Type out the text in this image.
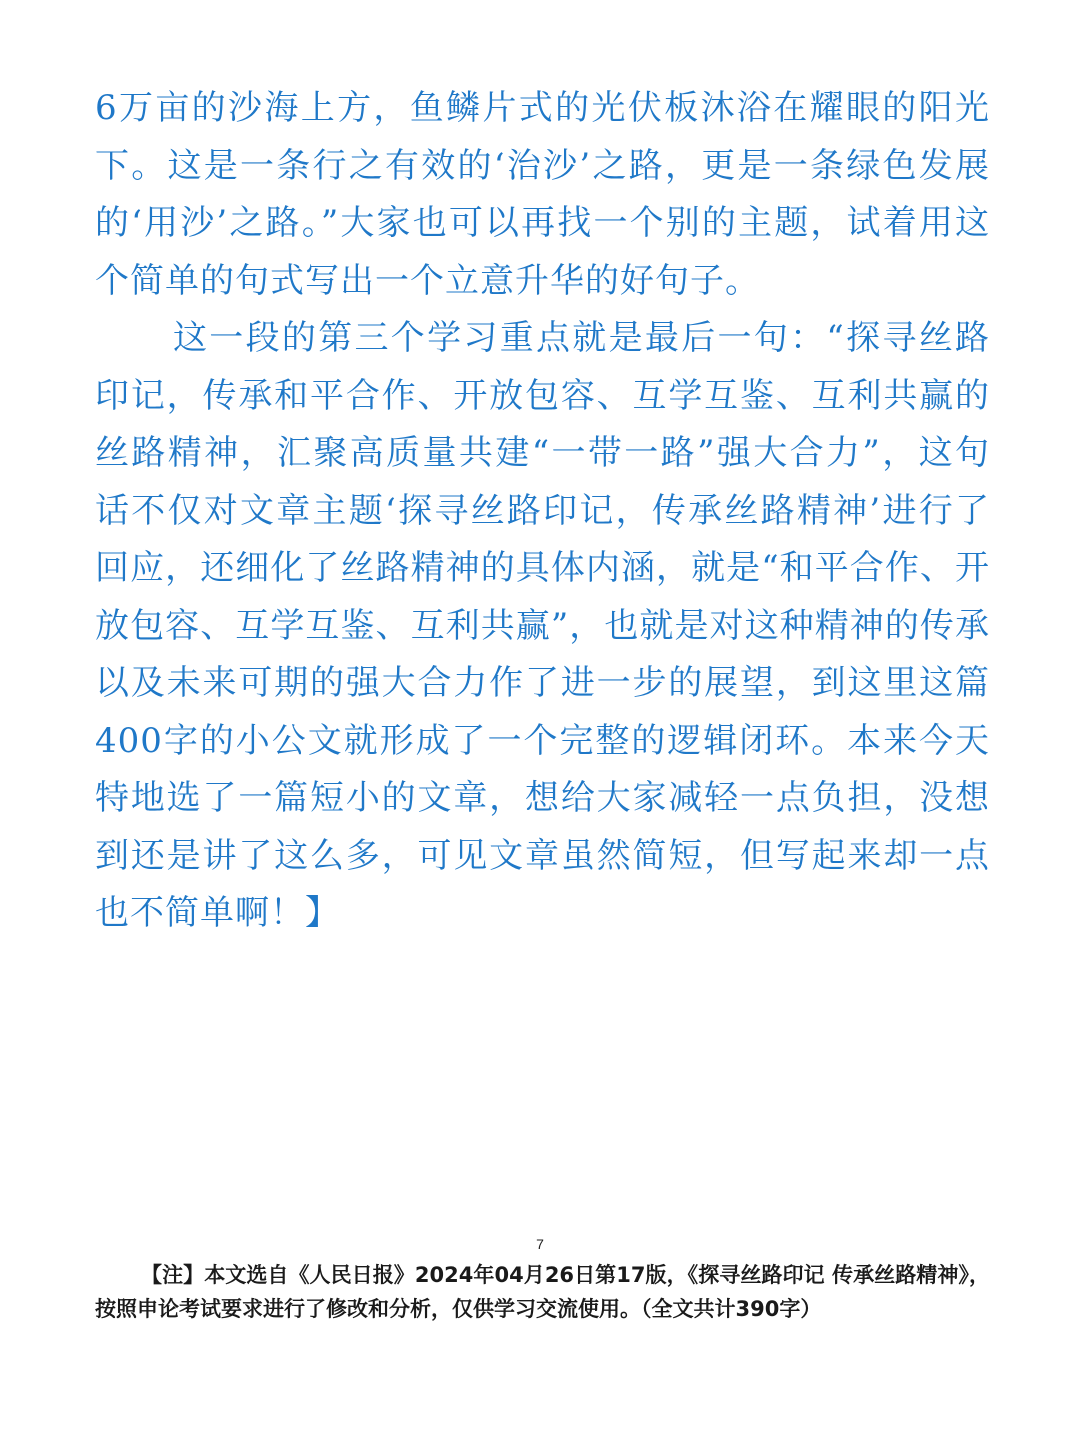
6万亩的沙海上方，鱼鳞片式的光伏板沐浴在耀眼的阳光下。这是一条行之有效的‘治沙’之路，更是一条绿色发展的‘用沙’之路。”大家也可以再找一个别的主题，试着用这个简单的句式写出一个立意升华的好句子。

这一段的第三个学习重点就是最后一句：“探寻丝路印记，传承和平合作、开放包容、互学互鉴、互利共赢的丝路精神，汇聚高质量共建“一带一路”强大合力”，这句话不仅对文章主题‘探寻丝路印记，传承丝路精神’进行了回应，还细化了丝路精神的具体内涵，就是“和平合作、开放包容、互学互鉴、互利共赢”，也就是对这种精神的传承以及未来可期的强大合力作了进一步的展望，到这里这篇400字的小公文就形成了一个完整的逻辑闭环。本来今天特地选了一篇短小的文章，想给大家减轻一点负担，没想到还是讲了这么多，可见文章虽然简短，但写起来却一点也不简单啊！】

7
【注】本文选自《人民日报》2024年04月26日第17版，《探寻丝路印记 传承丝路精神》，按照申论考试要求进行了修改和分析，仅供学习交流使用。（全文共计390字）
